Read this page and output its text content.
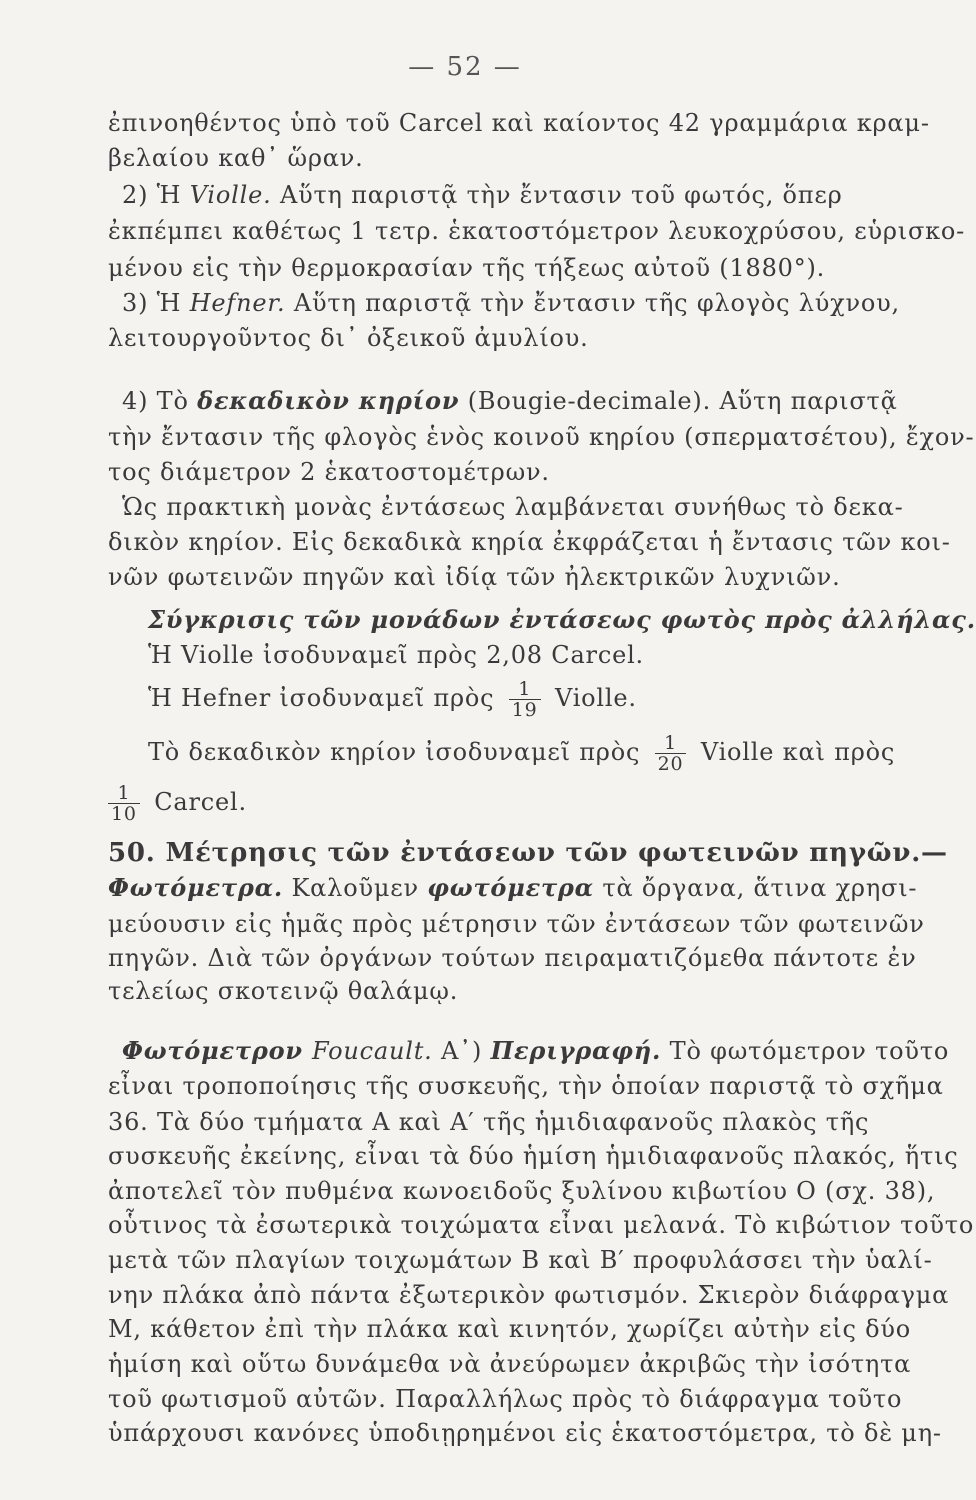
— 52 —
ἐπινοηθέντος ὑπὸ τοῦ Carcel καὶ καίοντος 42 γραμμάρια κραμ-
βελαίου καθ᾽ ὥραν.
2) Ἡ Violle. Αὕτη παριστᾷ τὴν ἔντασιν τοῦ φωτός, ὅπερ
ἐκπέμπει καθέτως 1 τετρ. ἑκατοστόμετρον λευκοχρύσου, εὑρισκο-
μένου εἰς τὴν θερμοκρασίαν τῆς τήξεως αὐτοῦ (1880°).
3) Ἡ Hefner. Αὕτη παριστᾷ τὴν ἔντασιν τῆς φλογὸς λύχνου,
λειτουργοῦντος δι᾽ ὀξεικοῦ ἀμυλίου.
4) Τὸ δεκαδικὸν κηρίον (Bougie-decimale). Αὕτη παριστᾷ
τὴν ἔντασιν τῆς φλογὸς ἑνὸς κοινοῦ κηρίου (σπερματσέτου), ἔχον-
τος διάμετρον 2 ἑκατοστομέτρων.
Ὡς πρακτικὴ μονὰς ἐντάσεως λαμβάνεται συνήθως τὸ δεκα-
δικὸν κηρίον. Εἰς δεκαδικὰ κηρία ἐκφράζεται ἡ ἔντασις τῶν κοι-
νῶν φωτεινῶν πηγῶν καὶ ἰδίᾳ τῶν ἠλεκτρικῶν λυχνιῶν.
Σύγκρισις τῶν μονάδων ἐντάσεως φωτὸς πρὸς ἀλλήλας.
Ἡ Violle ἰσοδυναμεῖ πρὸς 2,08 Carcel.
Ἡ Hefner ἰσοδυναμεῖ πρὸς $\frac{1}{19}$ Violle.
Τὸ δεκαδικὸν κηρίον ἰσοδυναμεῖ πρὸς $\frac{1}{20}$ Violle καὶ πρὸς
$\frac{1}{10}$ Carcel.
50. Μέτρησις τῶν ἐντάσεων τῶν φωτεινῶν πηγῶν.—
Φωτόμετρα. Καλοῦμεν φωτόμετρα τὰ ὄργανα, ἅτινα χρησι-
μεύουσιν εἰς ἡμᾶς πρὸς μέτρησιν τῶν ἐντάσεων τῶν φωτεινῶν
πηγῶν. Διὰ τῶν ὀργάνων τούτων πειραματιζόμεθα πάντοτε ἐν
τελείως σκοτεινῷ θαλάμῳ.
Φωτόμετρον Foucault. Α᾽) Περιγραφή. Τὸ φωτόμετρον τοῦτο
εἶναι τροποποίησις τῆς συσκευῆς, τὴν ὁποίαν παριστᾷ τὸ σχῆμα
36. Τὰ δύο τμήματα Α καὶ Α′ τῆς ἡμιδιαφανοῦς πλακὸς τῆς
συσκευῆς ἐκείνης, εἶναι τὰ δύο ἡμίση ἡμιδιαφανοῦς πλακός, ἥτις
ἀποτελεῖ τὸν πυθμένα κωνοειδοῦς ξυλίνου κιβωτίου Ο (σχ. 38),
οὗτινος τὰ ἐσωτερικὰ τοιχώματα εἶναι μελανά. Τὸ κιβώτιον τοῦτο
μετὰ τῶν πλαγίων τοιχωμάτων Β καὶ Β′ προφυλάσσει τὴν ὑαλί-
νην πλάκα ἀπὸ πάντα ἐξωτερικὸν φωτισμόν. Σκιερὸν διάφραγμα
Μ, κάθετον ἐπὶ τὴν πλάκα καὶ κινητόν, χωρίζει αὐτὴν εἰς δύο
ἡμίση καὶ οὕτω δυνάμεθα νὰ ἀνεύρωμεν ἀκριβῶς τὴν ἰσότητα
τοῦ φωτισμοῦ αὐτῶν. Παραλλήλως πρὸς τὸ διάφραγμα τοῦτο
ὑπάρχουσι κανόνες ὑποδιῃρημένοι εἰς ἑκατοστόμετρα, τὸ δὲ μη-
